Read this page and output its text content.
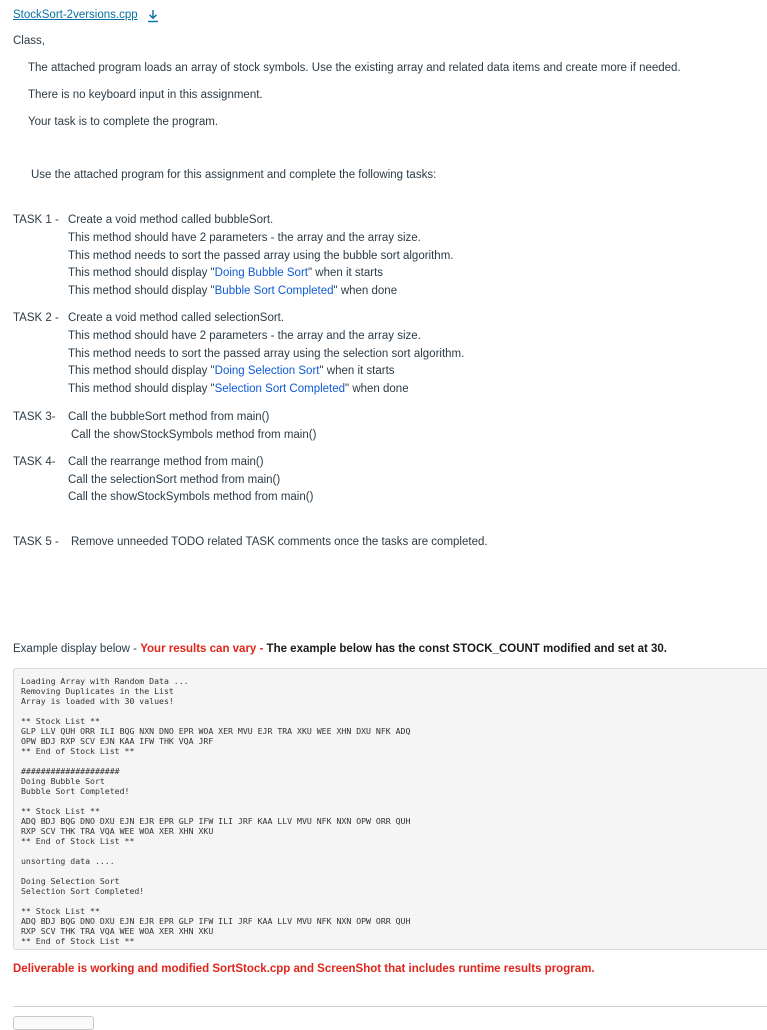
StockSort-2versions.cpp
Class,
The attached program loads an array of stock symbols. Use the existing array and related data items and create more if needed.
There is no keyboard input in this assignment.
Your task is to complete the program.
Use the attached program for this assignment and complete the following tasks:
TASK 1 - Create a void method called bubbleSort.
This method should have 2 parameters - the array and the array size.
This method needs to sort the passed array using the bubble sort algorithm.
This method should display "Doing Bubble Sort" when it starts
This method should display "Bubble Sort Completed" when done
TASK 2 - Create a void method called selectionSort.
This method should have 2 parameters - the array and the array size.
This method needs to sort the passed array using the selection sort algorithm.
This method should display "Doing Selection Sort" when it starts
This method should display "Selection Sort Completed" when done
TASK 3- Call the bubbleSort method from main()
Call the showStockSymbols method from main()
TASK 4- Call the rearrange method from main()
Call the selectionSort method from main()
Call the showStockSymbols method from main()
TASK 5 - Remove unneeded TODO related TASK comments once the tasks are completed.
Example display below - Your results can vary - The example below has the const STOCK_COUNT modified and set at 30.
Loading Array with Random Data ...
Removing Duplicates in the List
Array is loaded with 30 values!
** Stock List **
GLP LLV QUH ORR ILI BQG NXN DNO EPR WOA XER MVU EJR TRA XKU WEE XHN DXU NFK ADQ
OPW BDJ RXP SCV EJN KAA IFW THK VQA JRF
** End of Stock List **
####################
Doing Bubble Sort
Bubble Sort Completed!
** Stock List **
ADQ BDJ BQG DNO DXU EJN EJR EPR GLP IFW ILI JRF KAA LLV MVU NFK NXN OPW ORR QUH
RXP SCV THK TRA VQA WEE WOA XER XHN XKU
** End of Stock List **
unsorting data ....
Doing Selection Sort
Selection Sort Completed!
** Stock List **
ADQ BDJ BQG DNO DXU EJN EJR EPR GLP IFW ILI JRF KAA LLV MVU NFK NXN OPW ORR QUH
RXP SCV THK TRA VQA WEE WOA XER XHN XKU
** End of Stock List **
Deliverable is working and modified SortStock.cpp and ScreenShot that includes runtime results program.
